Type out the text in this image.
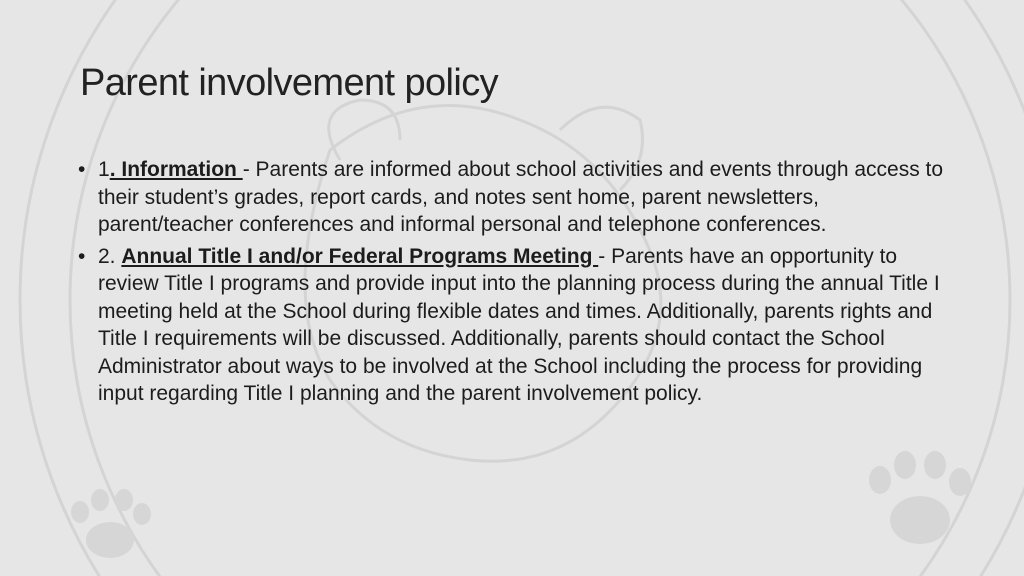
Parent involvement policy
• 1. Information - Parents are informed about school activities and events through access to their student’s grades, report cards, and notes sent home, parent newsletters, parent/teacher conferences and informal personal and telephone conferences.
• 2. Annual Title I and/or Federal Programs Meeting - Parents have an opportunity to review Title I programs and provide input into the planning process during the annual Title I meeting held at the School during flexible dates and times. Additionally, parents rights and Title I requirements will be discussed. Additionally, parents should contact the School Administrator about ways to be involved at the School including the process for providing input regarding Title I planning and the parent involvement policy.
